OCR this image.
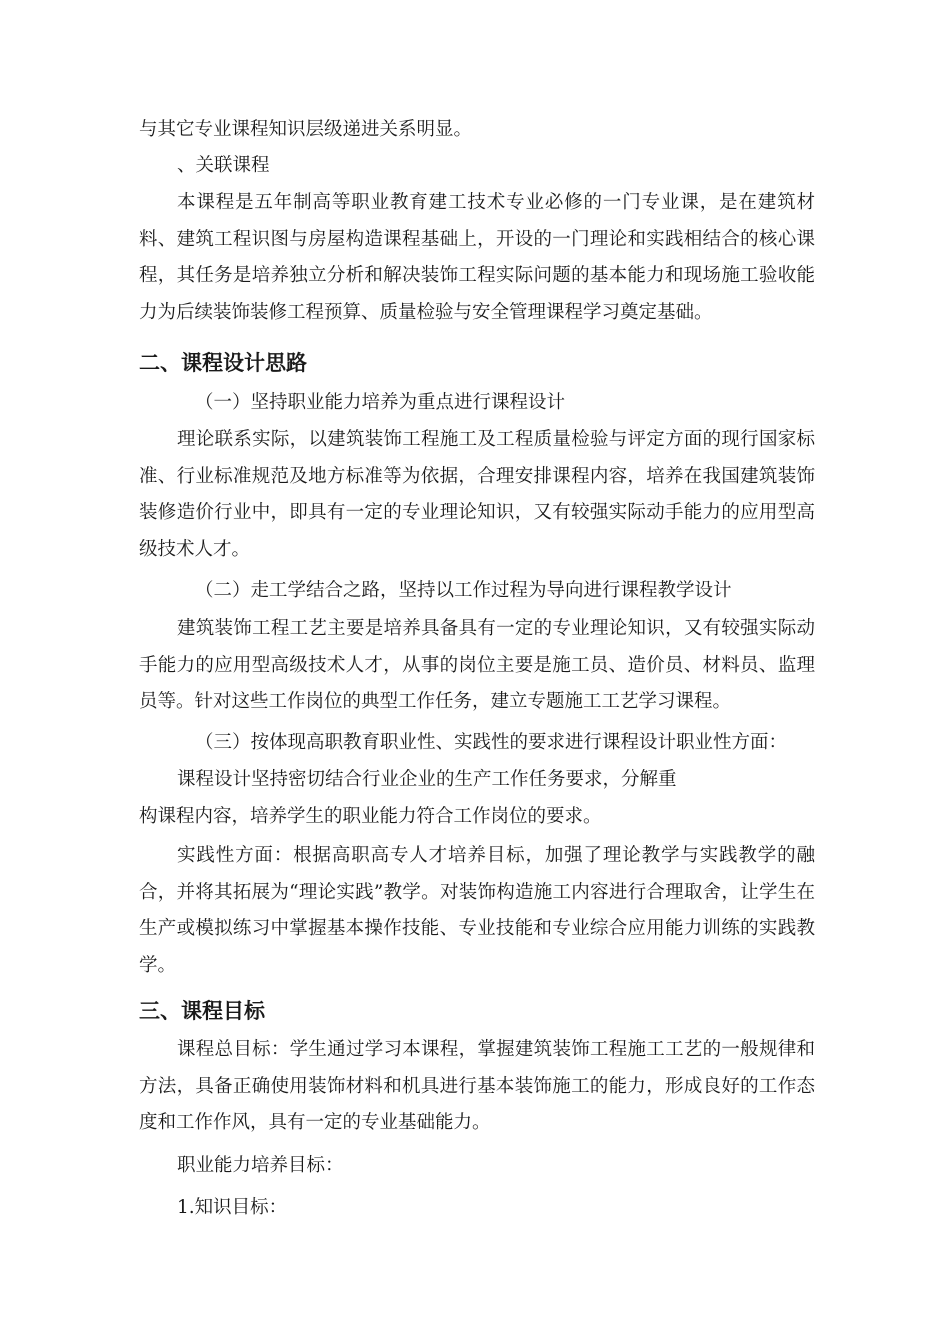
与其它专业课程知识层级递进关系明显。

、关联课程

本课程是五年制高等职业教育建工技术专业必修的一门专业课，是在建筑材料、建筑工程识图与房屋构造课程基础上，开设的一门理论和实践相结合的核心课程，其任务是培养独立分析和解决装饰工程实际问题的基本能力和现场施工验收能力为后续装饰装修工程预算、质量检验与安全管理课程学习奠定基础。

二、课程设计思路

（一）坚持职业能力培养为重点进行课程设计

理论联系实际，以建筑装饰工程施工及工程质量检验与评定方面的现行国家标准、行业标准规范及地方标准等为依据，合理安排课程内容，培养在我国建筑装饰装修造价行业中，即具有一定的专业理论知识，又有较强实际动手能力的应用型高级技术人才。

（二）走工学结合之路，坚持以工作过程为导向进行课程教学设计

建筑装饰工程工艺主要是培养具备具有一定的专业理论知识，又有较强实际动手能力的应用型高级技术人才，从事的岗位主要是施工员、造价员、材料员、监理员等。针对这些工作岗位的典型工作任务，建立专题施工工艺学习课程。

（三）按体现高职教育职业性、实践性的要求进行课程设计职业性方面：

课程设计坚持密切结合行业企业的生产工作任务要求，分解重

构课程内容，培养学生的职业能力符合工作岗位的要求。

实践性方面：根据高职高专人才培养目标，加强了理论教学与实践教学的融合，并将其拓展为“理论实践”教学。对装饰构造施工内容进行合理取舍，让学生在生产或模拟练习中掌握基本操作技能、专业技能和专业综合应用能力训练的实践教学。

三、课程目标

课程总目标：学生通过学习本课程，掌握建筑装饰工程施工工艺的一般规律和方法，具备正确使用装饰材料和机具进行基本装饰施工的能力，形成良好的工作态度和工作作风，具有一定的专业基础能力。

职业能力培养目标：

1.知识目标：
